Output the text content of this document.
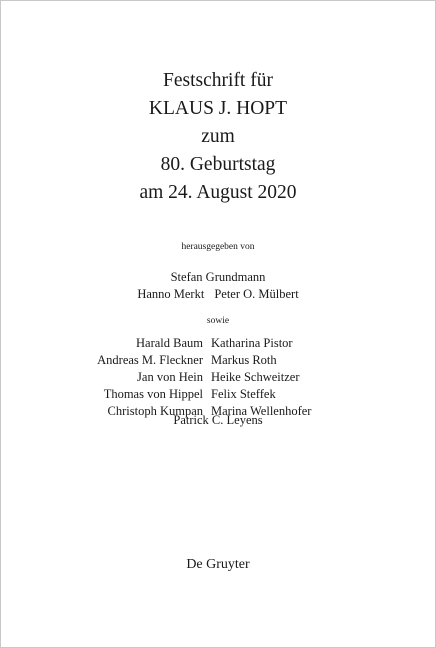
Festschrift für
KLAUS J. HOPT
zum
80. Geburtstag
am 24. August 2020
herausgegeben von
Stefan Grundmann
Hanno Merkt Peter O. Mülbert
sowie
Harald Baum Katharina Pistor
Andreas M. Fleckner Markus Roth
Jan von Hein Heike Schweitzer
Thomas von Hippel Felix Steffek
Christoph Kumpan Marina Wellenhofer
Patrick C. Leyens
De Gruyter
